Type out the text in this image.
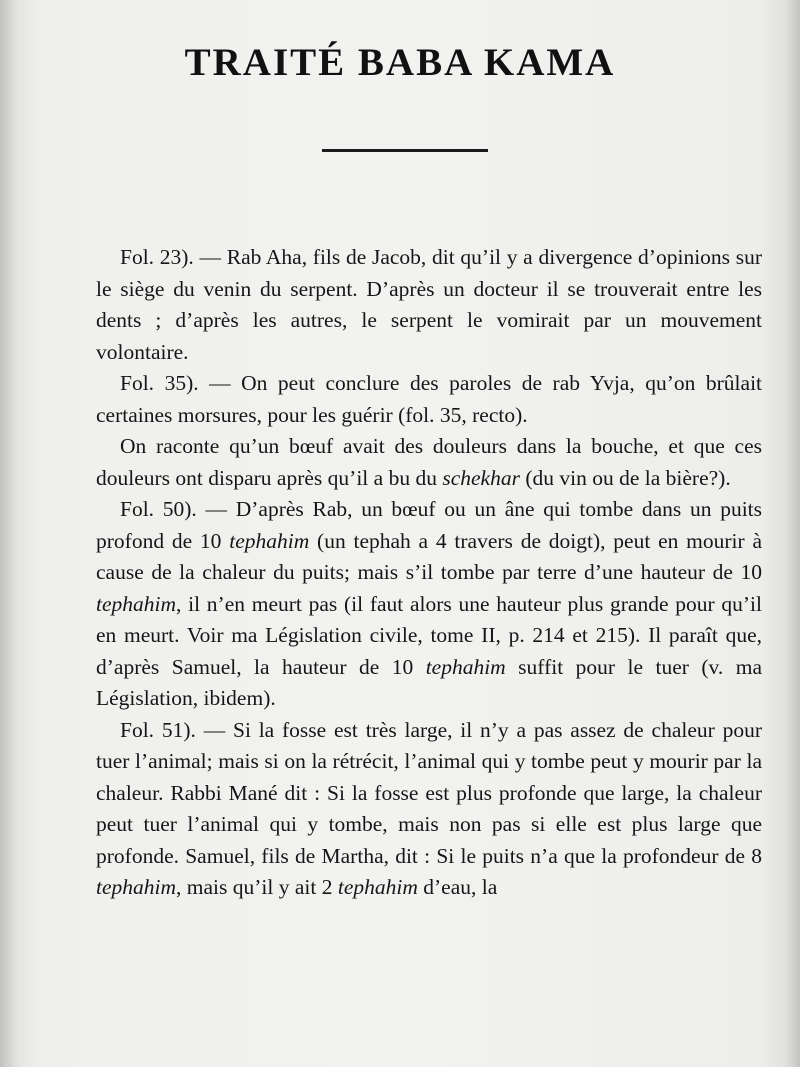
TRAITÉ BABA KAMA

Fol. 23). — Rab Aha, fils de Jacob, dit qu’il y a divergence d’opinions sur le siège du venin du serpent. D’après un docteur il se trouverait entre les dents ; d’après les autres, le serpent le vomirait par un mouvement volontaire.

Fol. 35). — On peut conclure des paroles de rab Yvja, qu’on brûlait certaines morsures, pour les guérir (fol. 35, recto).

On raconte qu’un bœuf avait des douleurs dans la bouche, et que ces douleurs ont disparu après qu’il a bu du schekhar (du vin ou de la bière?).

Fol. 50). — D’après Rab, un bœuf ou un âne qui tombe dans un puits profond de 10 tephahim (un tephah a 4 travers de doigt), peut en mourir à cause de la chaleur du puits; mais s’il tombe par terre d’une hauteur de 10 tephahim, il n’en meurt pas (il faut alors une hauteur plus grande pour qu’il en meurt. Voir ma Législation civile, tome II, p. 214 et 215). Il paraît que, d’après Samuel, la hauteur de 10 tephahim suffit pour le tuer (v. ma Législation, ibidem).

Fol. 51). — Si la fosse est très large, il n’y a pas assez de chaleur pour tuer l’animal; mais si on la rétrécit, l’animal qui y tombe peut y mourir par la chaleur. Rabbi Mané dit : Si la fosse est plus profonde que large, la chaleur peut tuer l’animal qui y tombe, mais non pas si elle est plus large que profonde. Samuel, fils de Martha, dit : Si le puits n’a que la profondeur de 8 tephahim, mais qu’il y ait 2 tephahim d’eau, la
